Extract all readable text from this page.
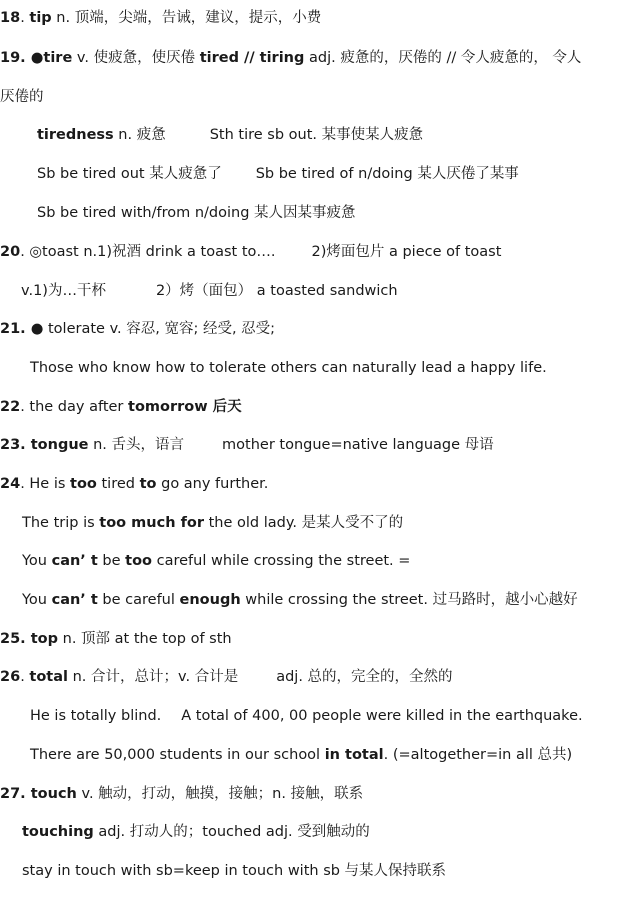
18. tip n. 顶端，尖端，告诫，建议，提示，小费
19. ●tire v. 使疲惫，使厌倦 tired // tiring adj. 疲惫的，厌倦的 // 令人疲惫的， 令人
厌倦的
tiredness n. 疲惫	Sth tire sb out. 某事使某人疲惫
Sb be tired out 某人疲惫了 Sb be tired of n/doing 某人厌倦了某事
Sb be tired with/from n/doing 某人因某事疲惫
20. ◎toast n.1)祝酒 drink a toast to…. 2)烤面包片 a piece of toast
v.1)为…干杯	2）烤（面包） a toasted sandwich
21. ● tolerate v. 容忍, 宽容; 经受, 忍受;
Those who know how to tolerate others can naturally lead a happy life.
22. the day after tomorrow 后天
23. tongue n. 舌头，语言	mother tongue=native language 母语
24. He is too tired to go any further.
The trip is too much for the old lady. 是某人受不了的
You can’ t be too careful while crossing the street. =
You can’ t be careful enough while crossing the street. 过马路时，越小心越好
25. top n. 顶部 at the top of sth
26. total n. 合计，总计；v. 合计是	adj. 总的，完全的，全然的
He is totally blind. A total of 400, 00 people were killed in the earthquake.
There are 50,000 students in our school in total. (=altogether=in all 总共)
27. touch v. 触动，打动，触摸，接触；n. 接触，联系
touching adj. 打动人的；touched adj. 受到触动的
stay in touch with sb=keep in touch with sb 与某人保持联系
